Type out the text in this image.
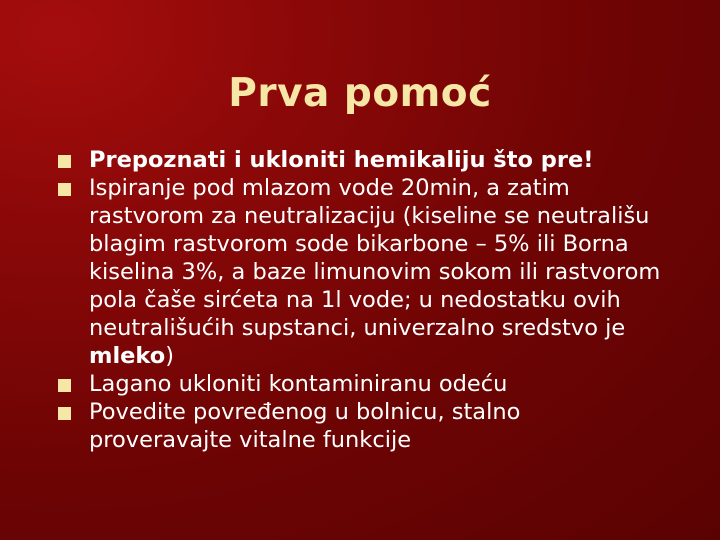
Prva pomoć
Prepoznati i ukloniti hemikaliju što pre!
Ispiranje pod mlazom vode 20min, a zatim rastvorom za neutralizaciju (kiseline se neutrališu blagim rastvorom sode bikarbone – 5% ili Borna kiselina 3%, a baze limunovim sokom ili rastvorom pola čaše sirćeta na 1l vode; u nedostatku ovih neutrališućih supstanci, univerzalno sredstvo je mleko)
Lagano ukloniti kontaminiranu odeću
Povedite povređenog u bolnicu, stalno proveravajte vitalne funkcije
